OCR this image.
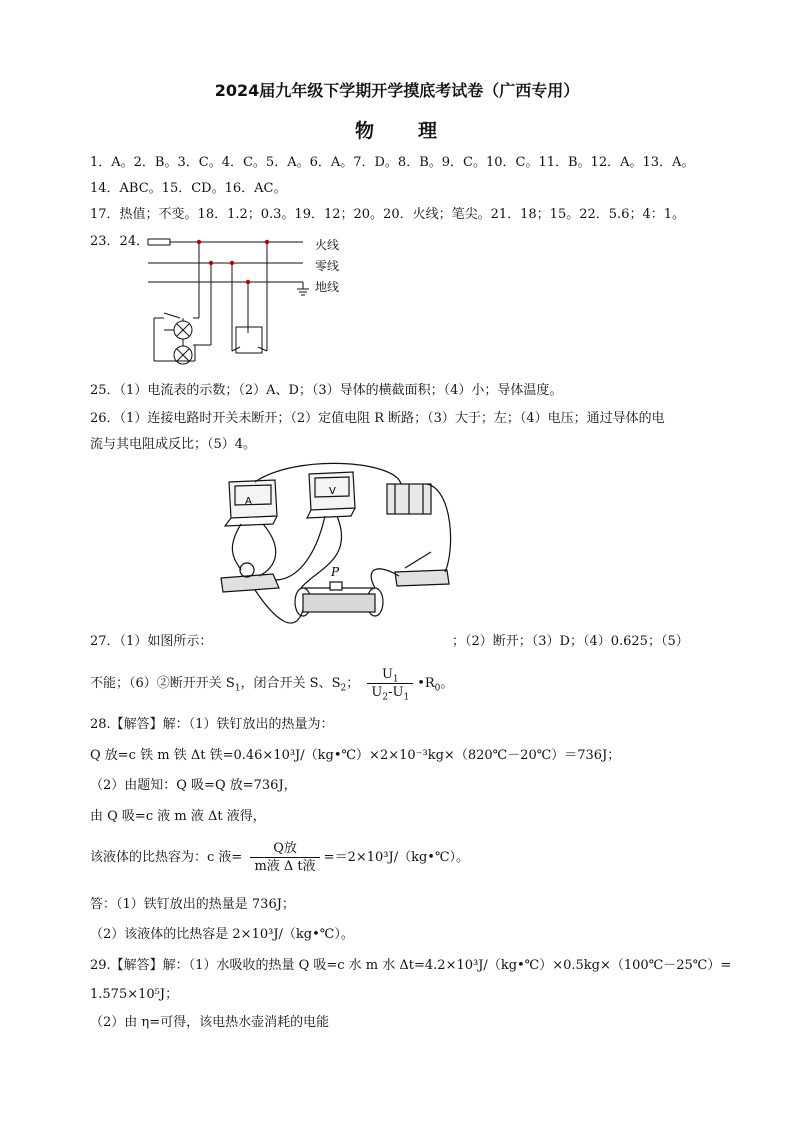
2024届九年级下学期开学摸底考试卷（广西专用）
物　　理
1．A。2．B。3．C。4．C。5．A。6．A。7．D。8．B。9．C。10．C。11．B。12．A。13．A。
14．ABC。15．CD。16．AC。
17．热值；不变。18．1.2；0.3。19．12；20。20．火线；笔尖。21．18；15。22．5.6；4：1。
23．24．	火线
零线
地线
25．（1）电流表的示数；（2）A、D；（3）导体的横截面积；（4）小；导体温度。
26．（1）连接电路时开关未断开；（2）定值电阻 R 断路；（3）大于；左；（4）电压；通过导体的电
流与其电阻成反比；（5）4。
A
V
P
27．（1）如图所示：	；（2）断开；（3）D；（4）0.625；（5）
不能；（6）②断开开关 $S_1$，闭合开关 S、$S_2$； $\frac{U_1}{U_2-U_1}$ $•R_0$。
28.【解答】解：（1）铁钉放出的热量为：
Q 放=c 铁 m 铁 Δt 铁=0.46×10³J/（kg•℃）×2×10⁻³kg×（820℃－20℃）＝736J；
（2）由题知：Q 吸=Q 放=736J，
由 Q 吸=c 液 m 液 Δt 液得，
该液体的比热容为：c 液= $\frac{\text{Q放}}{\text{m液 Δ t液}}$ =＝2×10³J/（kg•℃）。
答：（1）铁钉放出的热量是 736J；
（2）该液体的比热容是 2×10³J/（kg•℃）。
29.【解答】解：（1）水吸收的热量 Q 吸=c 水 m 水 Δt=4.2×10³J/（kg•℃）×0.5kg×（100℃－25℃）=
1.575×10⁵J；
（2）由 η=可得，该电热水壶消耗的电能
